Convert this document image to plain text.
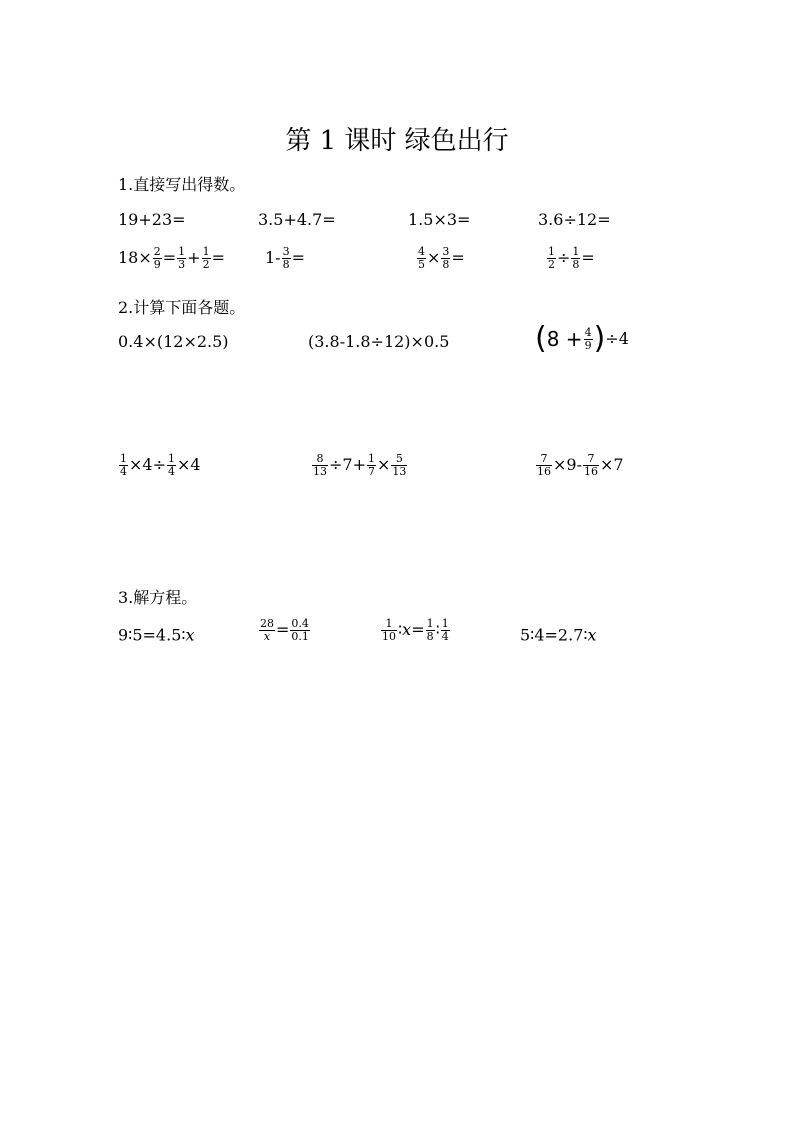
第 1 课时 绿色出行
1.直接写出得数。
19+23=	3.5+4.7=	1.5×3=	3.6÷12=
$18\times \frac{2}{9} = \frac{1}{3} + \frac{1}{2}$ =	$1- \frac{3}{8}$ =	$\frac{4}{5} \times \frac{3}{8}$ =	$\frac{1}{2} \div \frac{1}{8}$ =
2.计算下面各题。
0.4×(12×2.5)	(3.8-1.8÷12)×0.5	$(8 + \frac{4}{9} )\div 4$
$\frac{1}{4} \times 4\div \frac{1}{4} \times 4$	$\frac{8}{13} \div 7+ \frac{1}{7} \times \frac{5}{13}$	$\frac{7}{16} \times 9- \frac{7}{16} \times 7$
3.解方程。
9∶5=4.5∶x	$\frac{28}{x} = \frac{0.4}{0.1}$	$\frac{1}{10}$ ∶x= $\frac{1}{8}$ ∶ $\frac{1}{4}$	5∶4=2.7∶x
